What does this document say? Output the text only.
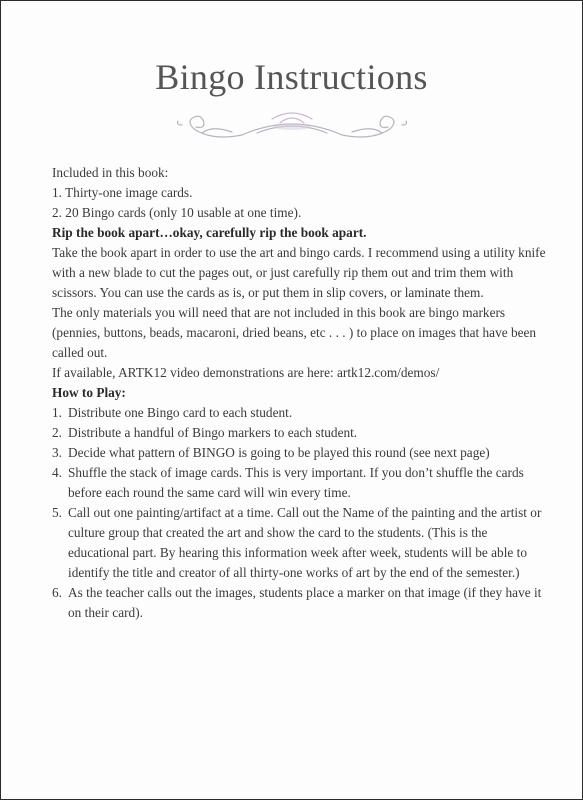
Bingo Instructions

Included in this book:

1. Thirty-one image cards.
2. 20 Bingo cards (only 10 usable at one time).

Rip the book apart…okay, carefully rip the book apart.

Take the book apart in order to use the art and bingo cards. I recommend using a utility knife with a new blade to cut the pages out, or just carefully rip them out and trim them with scissors. You can use the cards as is, or put them in slip covers, or laminate them.

The only materials you will need that are not included in this book are bingo markers (pennies, buttons, beads, macaroni, dried beans, etc . . . ) to place on images that have been called out.

If available, ARTK12 video demonstrations are here: artk12.com/demos/

How to Play:

1. Distribute one Bingo card to each student.
2. Distribute a handful of Bingo markers to each student.
3. Decide what pattern of BINGO is going to be played this round (see next page)
4. Shuffle the stack of image cards. This is very important. If you don’t shuffle the cards before each round the same card will win every time.
5. Call out one painting/artifact at a time. Call out the Name of the painting and the artist or culture group that created the art and show the card to the students. (This is the educational part. By hearing this information week after week, students will be able to identify the title and creator of all thirty-one works of art by the end of the semester.)
6. As the teacher calls out the images, students place a marker on that image (if they have it on their card).
